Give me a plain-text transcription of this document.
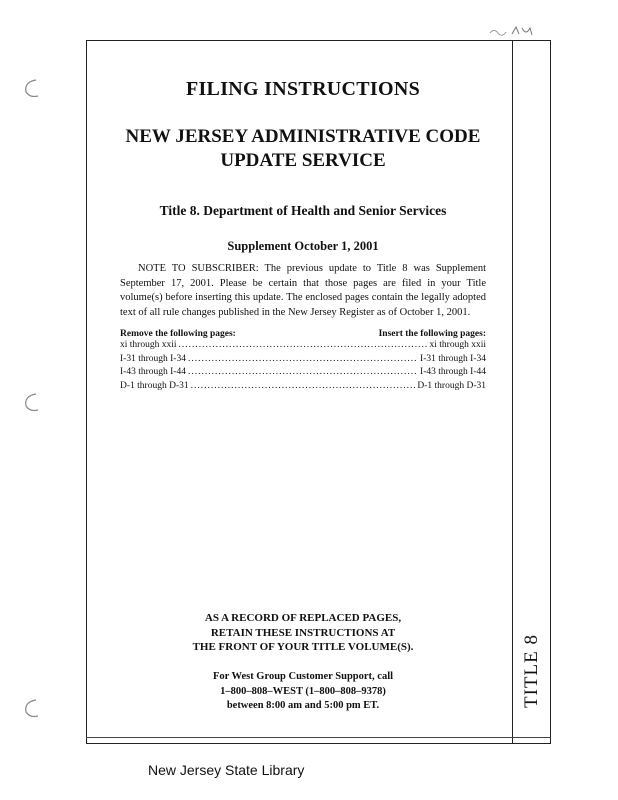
FILING INSTRUCTIONS
NEW JERSEY ADMINISTRATIVE CODE
UPDATE SERVICE
Title 8. Department of Health and Senior Services
Supplement October 1, 2001
NOTE TO SUBSCRIBER: The previous update to Title 8 was Supplement September 17, 2001. Please be certain that those pages are filed in your Title volume(s) before inserting this update. The enclosed pages contain the legally adopted text of all rule changes published in the New Jersey Register as of October 1, 2001.
Remove the following pages:	Insert the following pages:
xi through xxii .....	xi through xxii
I-31 through I-34 .....	I-31 through I-34
I-43 through I-44 .....	I-43 through I-44
D-1 through D-31 .....	D-1 through D-31
AS A RECORD OF REPLACED PAGES,
RETAIN THESE INSTRUCTIONS AT
THE FRONT OF YOUR TITLE VOLUME(S).
For West Group Customer Support, call
1–800–808–WEST (1–800–808–9378)
between 8:00 am and 5:00 pm ET.	TITLE 8
New Jersey State Library
